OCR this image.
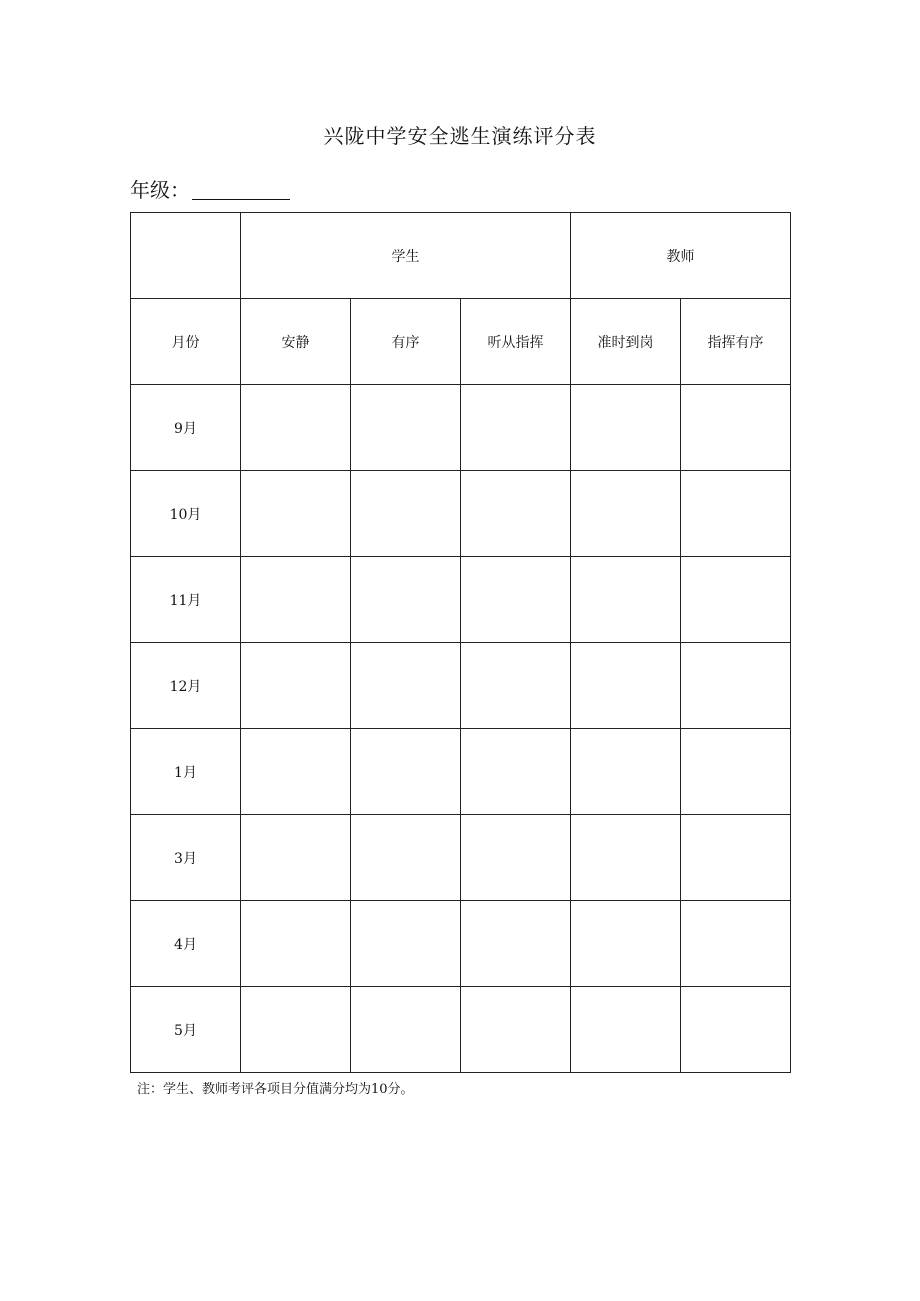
兴陇中学安全逃生演练评分表
年级：
	学生			教师	
月份	安静	有序	听从指挥	准时到岗	指挥有序
9月					
10月					
11月					
12月					
1月					
3月					
4月					
5月					
注：学生、教师考评各项目分值满分均为10分。
